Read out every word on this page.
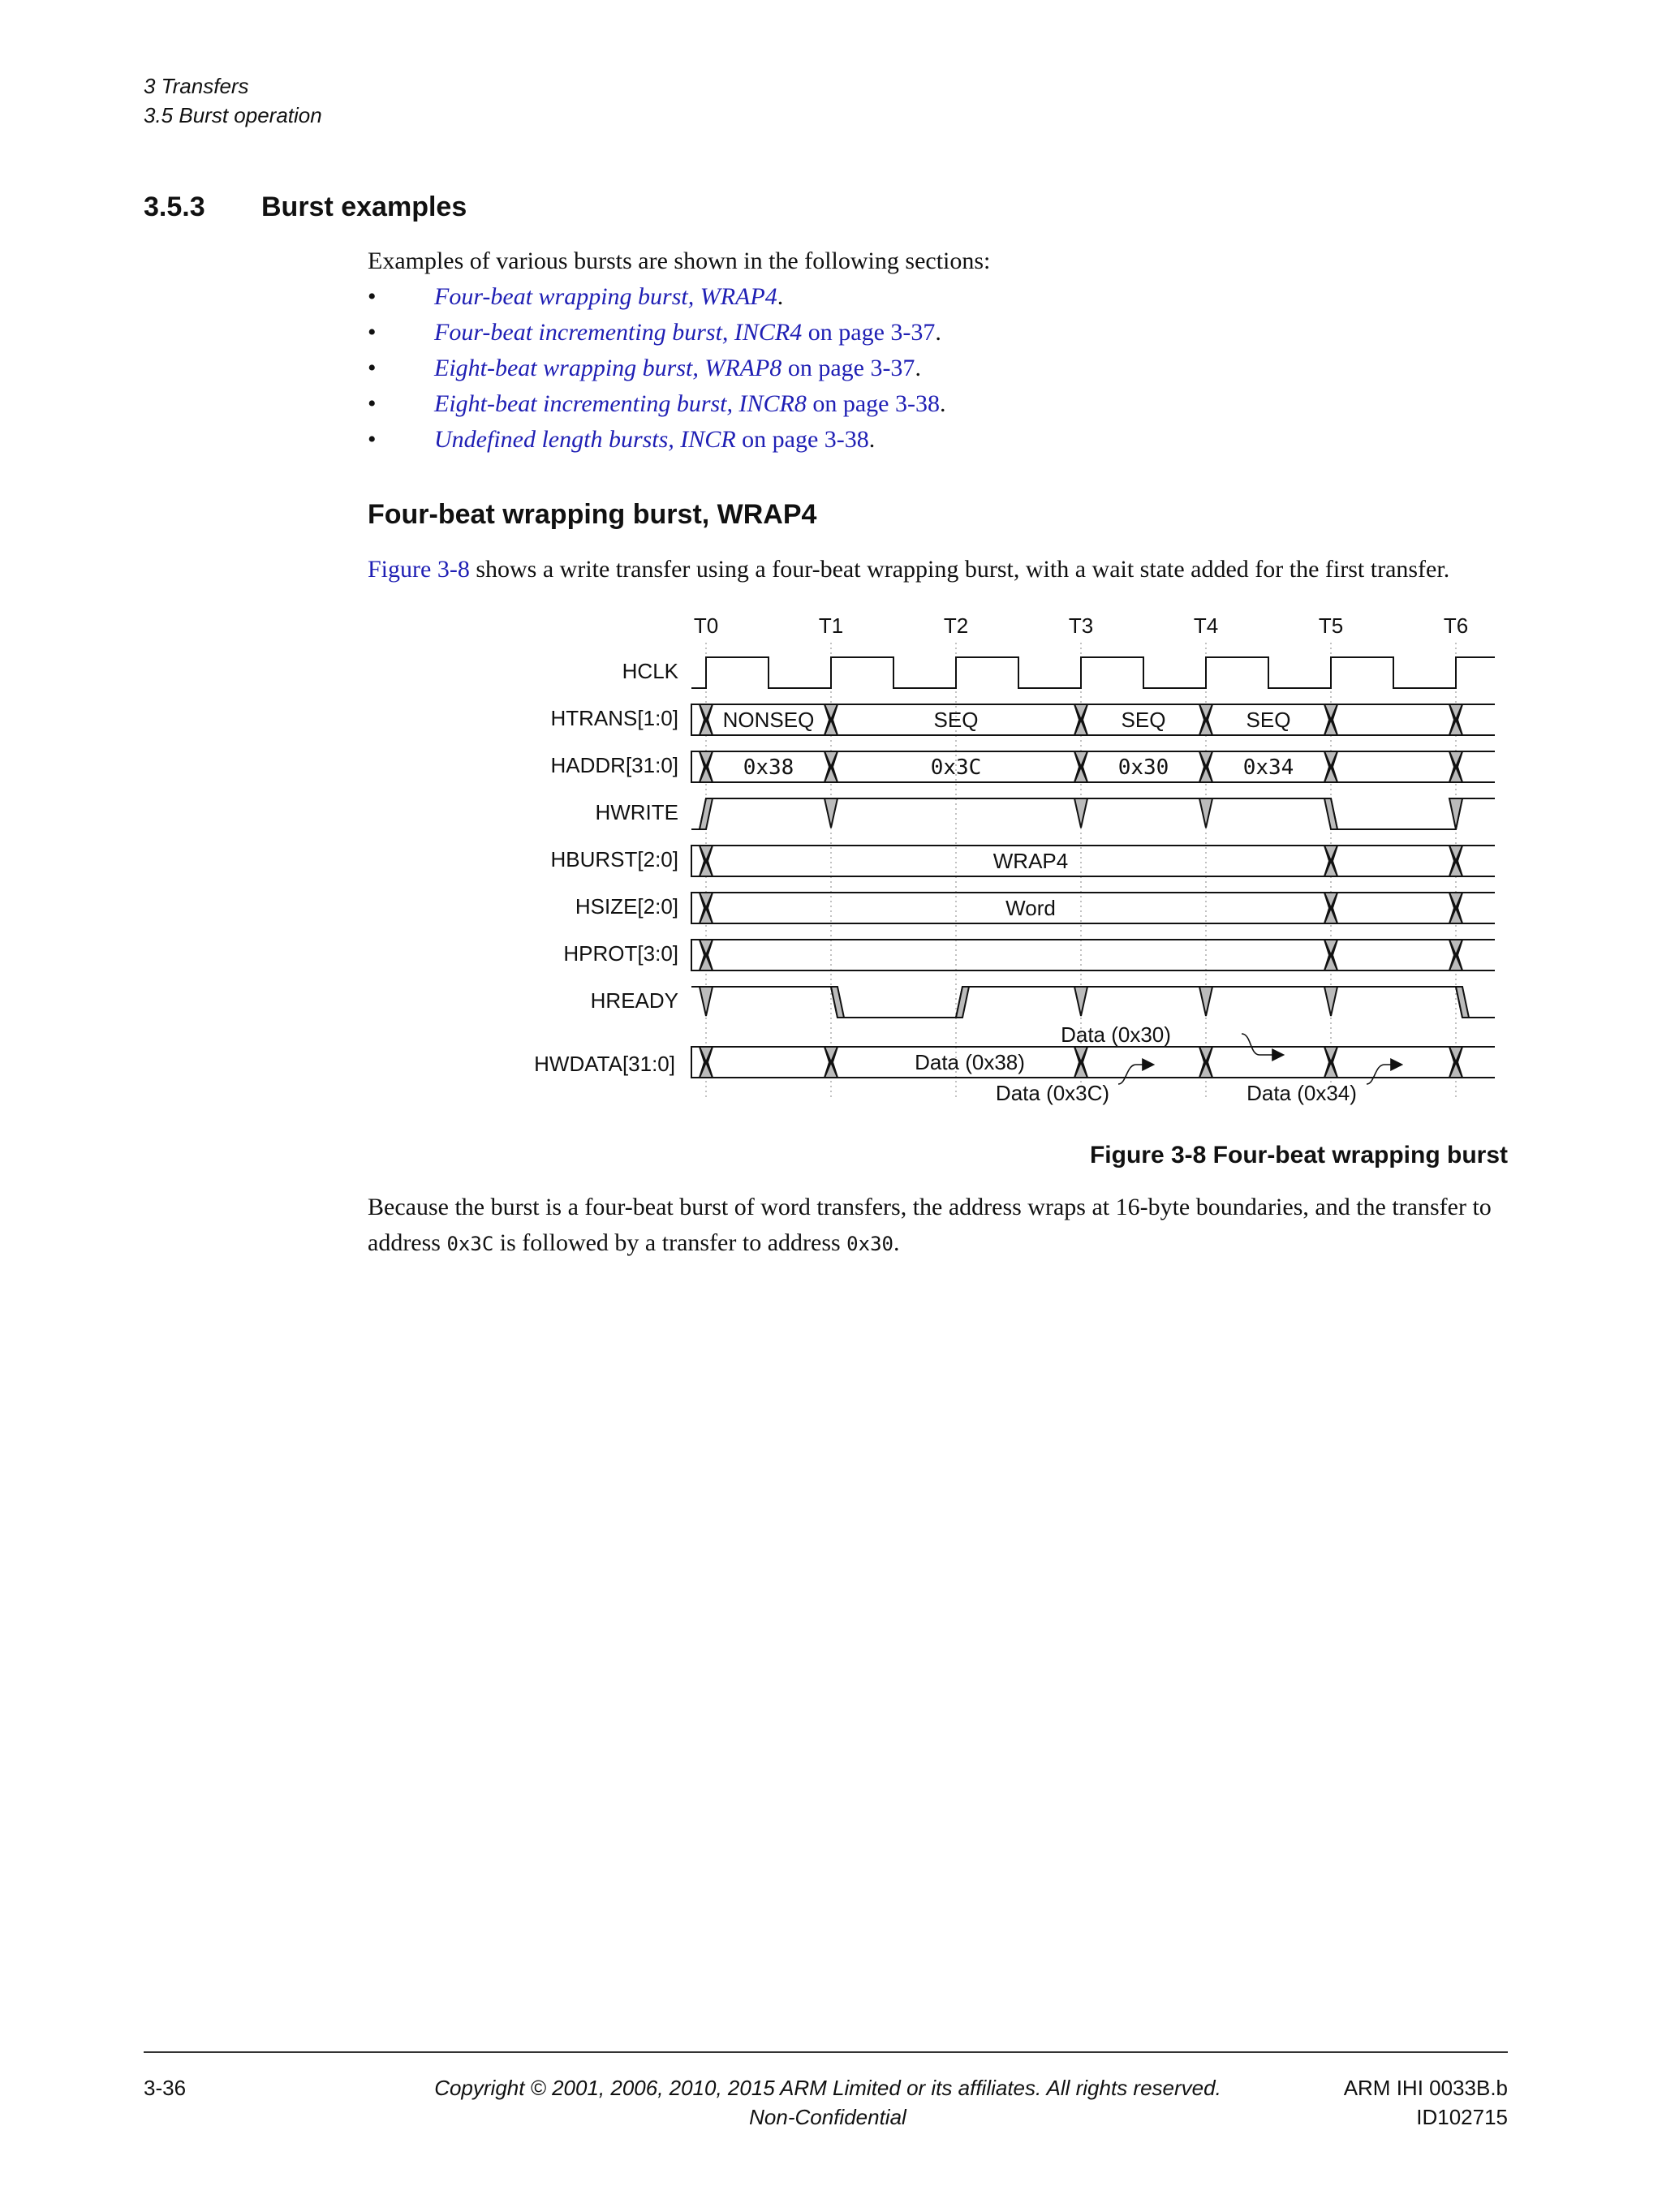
3 Transfers
3.5 Burst operation
3.5.3 Burst examples
Examples of various bursts are shown in the following sections:
•	Four-beat wrapping burst, WRAP4.
•	Four-beat incrementing burst, INCR4 on page 3-37.
•	Eight-beat wrapping burst, WRAP8 on page 3-37.
•	Eight-beat incrementing burst, INCR8 on page 3-38.
•	Undefined length bursts, INCR on page 3-38.
Four-beat wrapping burst, WRAP4
Figure 3-8 shows a write transfer using a four-beat wrapping burst, with a wait state added for the first transfer.
T0	T1	T2	T3	T4	T5	T6
HCLK
HTRANS[1:0]
HADDR[31:0]
HWRITE
HBURST[2:0]
HSIZE[2:0]
HPROT[3:0]
HREADY
HWDATA[31:0]
NONSEQ	SEQ	SEQ	SEQ
0x38	0x3C	0x30	0x34
WRAP4
Word
Data (0x38)
Data (0x30)
Data (0x3C)	Data (0x34)
Figure 3-8 Four-beat wrapping burst
Because the burst is a four-beat burst of word transfers, the address wraps at 16-byte boundaries, and the transfer to address 0x3C is followed by a transfer to address 0x30.
3-36	Copyright © 2001, 2006, 2010, 2015 ARM Limited or its affiliates. All rights reserved.
Non-Confidential
ARM IHI 0033B.b
ID102715
